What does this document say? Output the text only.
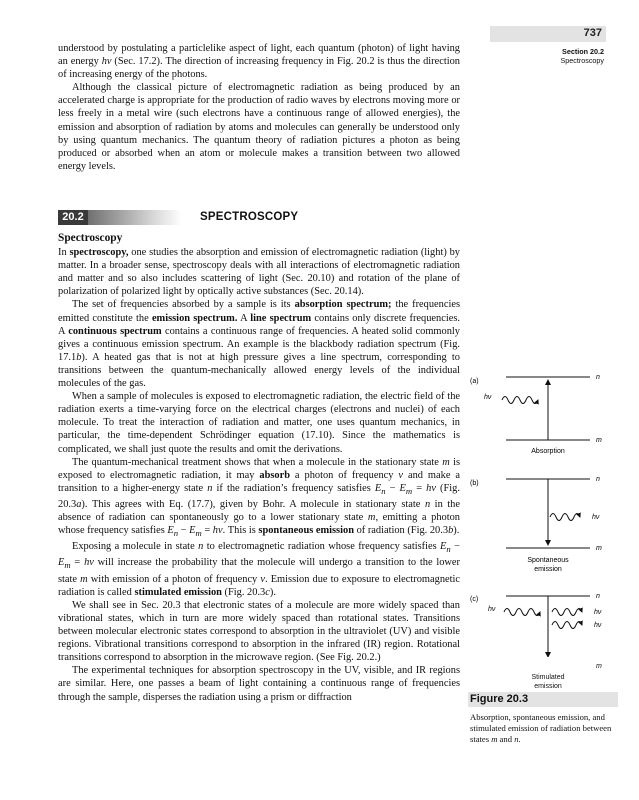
737
Section 20.2
Spectroscopy

understood by postulating a particlelike aspect of light, each quantum (photon) of light having an energy hν (Sec. 17.2). The direction of increasing frequency in Fig. 20.2 is thus the direction of increasing energy of the photons.

Although the classical picture of electromagnetic radiation as being produced by an accelerated charge is appropriate for the production of radio waves by electrons moving more or less freely in a metal wire (such electrons have a continuous range of allowed energies), the emission and absorption of radiation by atoms and molecules can generally be understood only by using quantum mechanics. The quantum theory of radiation pictures a photon as being produced or absorbed when an atom or molecule makes a transition between two allowed energy levels.

20.2	SPECTROSCOPY

Spectroscopy

In spectroscopy, one studies the absorption and emission of electromagnetic radiation (light) by matter. In a broader sense, spectroscopy deals with all interactions of electromagnetic radiation and matter and so also includes scattering of light (Sec. 20.10) and rotation of the plane of polarization of polarized light by optically active substances (Sec. 20.14).

The set of frequencies absorbed by a sample is its absorption spectrum; the frequencies emitted constitute the emission spectrum. A line spectrum contains only discrete frequencies. A continuous spectrum contains a continuous range of frequencies. A heated solid commonly gives a continuous emission spectrum. An example is the blackbody radiation spectrum (Fig. 17.1b). A heated gas that is not at high pressure gives a line spectrum, corresponding to transitions between the quantum-mechanically allowed energy levels of the individual molecules of the gas.

When a sample of molecules is exposed to electromagnetic radiation, the electric field of the radiation exerts a time-varying force on the electrical charges (electrons and nuclei) of each molecule. To treat the interaction of radiation and matter, one uses quantum mechanics, in particular, the time-dependent Schrödinger equation (17.10). Since the mathematics is complicated, we shall just quote the results and omit the derivations.

The quantum-mechanical treatment shows that when a molecule in the stationary state m is exposed to electromagnetic radiation, it may absorb a photon of frequency ν and make a transition to a higher-energy state n if the radiation’s frequency satisfies $E_n - E_m = h\nu$ (Fig. 20.3a). This agrees with Eq. (17.7), given by Bohr. A molecule in stationary state n in the absence of radiation can spontaneously go to a lower stationary state m, emitting a photon whose frequency satisfies $E_n - E_m = h\nu$. This is spontaneous emission of radiation (Fig. 20.3b).

Exposing a molecule in state n to electromagnetic radiation whose frequency satisfies $E_n - E_m = h\nu$ will increase the probability that the molecule will undergo a transition to the lower state m with emission of a photon of frequency ν. Emission due to exposure to electromagnetic radiation is called stimulated emission (Fig. 20.3c).

We shall see in Sec. 20.3 that electronic states of a molecule are more widely spaced than vibrational states, which in turn are more widely spaced than rotational states. Transitions between molecular electronic states correspond to absorption in the ultraviolet (UV) and visible regions. Vibrational transitions correspond to absorption in the infrared (IR) region. Rotational transitions correspond to absorption in the microwave region. (See Fig. 20.2.)

The experimental techniques for absorption spectroscopy in the UV, visible, and IR regions are similar. Here, one passes a beam of light containing a continuous range of frequencies through the sample, disperses the radiation using a prism or diffraction

(a)
n
m
hν
Absorption
(b)
n
m
hν
Spontaneous
emission
(c)	n
hν
hν
hν
m
Stimulated
emission
Figure 20.3
Absorption, spontaneous emission, and stimulated emission of radiation between states m and n.
